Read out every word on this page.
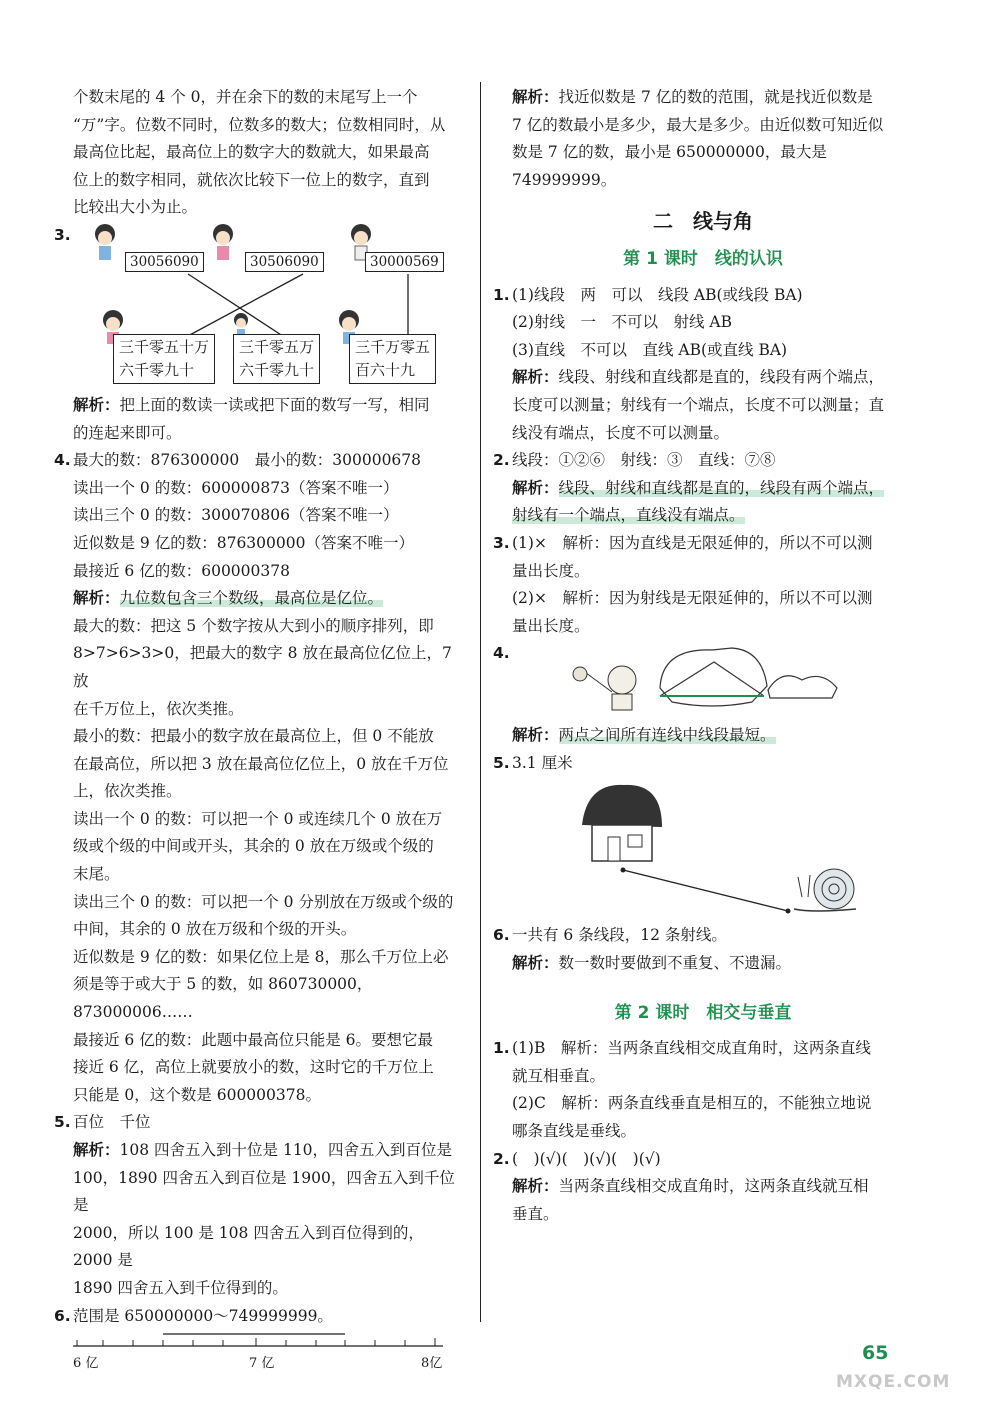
个数末尾的 4 个 0，并在余下的数的末尾写上一个

“万”字。位数不同时，位数多的数大；位数相同时，从

最高位比起，最高位上的数字大的数就大，如果最高

位上的数字相同，就依次比较下一位上的数字，直到

比较出大小为止。

3.
30056090	30506090	30000569
三千零五十万
六千零九十
三千零五万
六千零九十
三千万零五
百六十九

解析：把上面的数读一读或把下面的数写一写，相同

的连起来即可。

4. 最大的数：876300000　最小的数：300000678

读出一个 0 的数：600000873（答案不唯一）

读出三个 0 的数：300070806（答案不唯一）

近似数是 9 亿的数：876300000（答案不唯一）

最接近 6 亿的数：600000378

解析：九位数包含三个数级，最高位是亿位。

最大的数：把这 5 个数字按从大到小的顺序排列，即

8>7>6>3>0，把最大的数字 8 放在最高位亿位上，7 放

在千万位上，依次类推。

最小的数：把最小的数字放在最高位上，但 0 不能放

在最高位，所以把 3 放在最高位亿位上，0 放在千万位

上，依次类推。

读出一个 0 的数：可以把一个 0 或连续几个 0 放在万

级或个级的中间或开头，其余的 0 放在万级或个级的

末尾。

读出三个 0 的数：可以把一个 0 分别放在万级或个级的

中间，其余的 0 放在万级和个级的开头。

近似数是 9 亿的数：如果亿位上是 8，那么千万位上必

须是等于或大于 5 的数，如 860730000，873000006……

最接近 6 亿的数：此题中最高位只能是 6。要想它最

接近 6 亿，高位上就要放小的数，这时它的千万位上

只能是 0，这个数是 600000378。

5. 百位　千位

解析：108 四舍五入到十位是 110，四舍五入到百位是

100，1890 四舍五入到百位是 1900，四舍五入到千位是

2000，所以 100 是 108 四舍五入到百位得到的，2000 是

1890 四舍五入到千位得到的。

6. 范围是 650000000～749999999。

6 亿	7 亿	8亿

解析：找近似数是 7 亿的数的范围，就是找近似数是

7 亿的数最小是多少，最大是多少。由近似数可知近似

数是 7 亿的数，最小是 650000000，最大是749999999。

二　线与角
第 1 课时　线的认识
1. (1)线段　两　可以　线段 AB(或线段 BA)

(2)射线　一　不可以　射线 AB

(3)直线　不可以　直线 AB(或直线 BA)

解析：线段、射线和直线都是直的，线段有两个端点，

长度可以测量；射线有一个端点，长度不可以测量；直

线没有端点，长度不可以测量。

2. 线段：①②⑥　射线：③　直线：⑦⑧

解析：线段、射线和直线都是直的，线段有两个端点，

射线有一个端点，直线没有端点。

3. (1)×　解析：因为直线是无限延伸的，所以不可以测

量出长度。

(2)×　解析：因为射线是无限延伸的，所以不可以测

量出长度。

4.

解析：两点之间所有连线中线段最短。

5. 3.1 厘米

6. 一共有 6 条线段，12 条射线。

解析：数一数时要做到不重复、不遗漏。

第 2 课时　相交与垂直
1. (1)B　解析：当两条直线相交成直角时，这两条直线

就互相垂直。

(2)C　解析：两条直线垂直是相互的，不能独立地说

哪条直线是垂线。

2. (　)(√)(　)(√)(　)(√)

解析：当两条直线相交成直角时，这两条直线就互相

垂直。

65
MXQE.COM
